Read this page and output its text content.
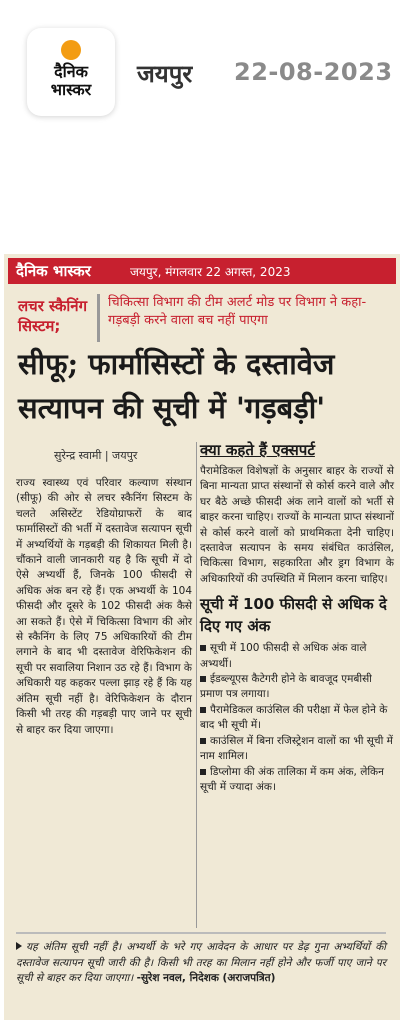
दैनिक
भास्कर
जयपुर 22-08-2023
दैनिक भास्कर	जयपुर, मंगलवार 22 अगस्त, 2023
लचर स्कैनिंग
सिस्टम;
चिकित्सा विभाग की टीम अलर्ट मोड पर विभाग ने कहा- गड़बड़ी करने वाला बच नहीं पाएगा
सीफू; फार्मासिस्टों के दस्तावेज सत्यापन की सूची में 'गड़बड़ी'
सुरेन्द्र स्वामी | जयपुर

राज्य स्वास्थ्य एवं परिवार कल्याण संस्थान (सीफू) की ओर से लचर स्कैनिंग सिस्टम के चलते असिस्टेंट रेडियोग्राफरों के बाद फार्मासिस्टों की भर्ती में दस्तावेज सत्यापन सूची में अभ्यर्थियों के गड़बड़ी की शिकायत मिली है। चौंकाने वाली जानकारी यह है कि सूची में दो ऐसे अभ्यर्थी हैं, जिनके 100 फीसदी से अधिक अंक बन रहे हैं। एक अभ्यर्थी के 104 फीसदी और दूसरे के 102 फीसदी अंक कैसे आ सकते हैं। ऐसे में चिकित्सा विभाग की ओर से स्कैनिंग के लिए 75 अधिकारियों की टीम लगाने के बाद भी दस्तावेज वेरिफिकेशन की सूची पर सवालिया निशान उठ रहे हैं। विभाग के अधिकारी यह कहकर पल्ला झाड़ रहे हैं कि यह अंतिम सूची नहीं है। वेरिफिकेशन के दौरान किसी भी तरह की गड़बड़ी पाए जाने पर सूची से बाहर कर दिया जाएगा।

क्या कहते हैं एक्सपर्ट
पैरामेडिकल विशेषज्ञों के अनुसार बाहर के राज्यों से बिना मान्यता प्राप्त संस्थानों से कोर्स करने वाले और घर बैठे अच्छे फीसदी अंक लाने वालों को भर्ती से बाहर करना चाहिए। राज्यों के मान्यता प्राप्त संस्थानों से कोर्स करने वालों को प्राथमिकता देनी चाहिए। दस्तावेज सत्यापन के समय संबंधित काउंसिल, चिकित्सा विभाग, सहकारिता और ड्रग विभाग के अधिकारियों की उपस्थिति में मिलान करना चाहिए।
सूची में 100 फीसदी से अधिक दे दिए गए अंक
सूची में 100 फीसदी से अधिक अंक वाले अभ्यर्थी।
ईडब्ल्यूएस कैटेगरी होने के बावजूद एमबीसी प्रमाण पत्र लगाया।
पैरामेडिकल काउंसिल की परीक्षा में फेल होने के बाद भी सूची में।
काउंसिल में बिना रजिस्ट्रेशन वालों का भी सूची में नाम शामिल।
डिप्लोमा की अंक तालिका में कम अंक, लेकिन सूची में ज्यादा अंक।
यह अंतिम सूची नहीं है। अभ्यर्थी के भरे गए आवेदन के आधार पर डेढ़ गुना अभ्यर्थियों की दस्तावेज सत्यापन सूची जारी की है। किसी भी तरह का मिलान नहीं होने और फर्जी पाए जाने पर सूची से बाहर कर दिया जाएगा। -सुरेश नवल, निदेशक (अराजपत्रित)
